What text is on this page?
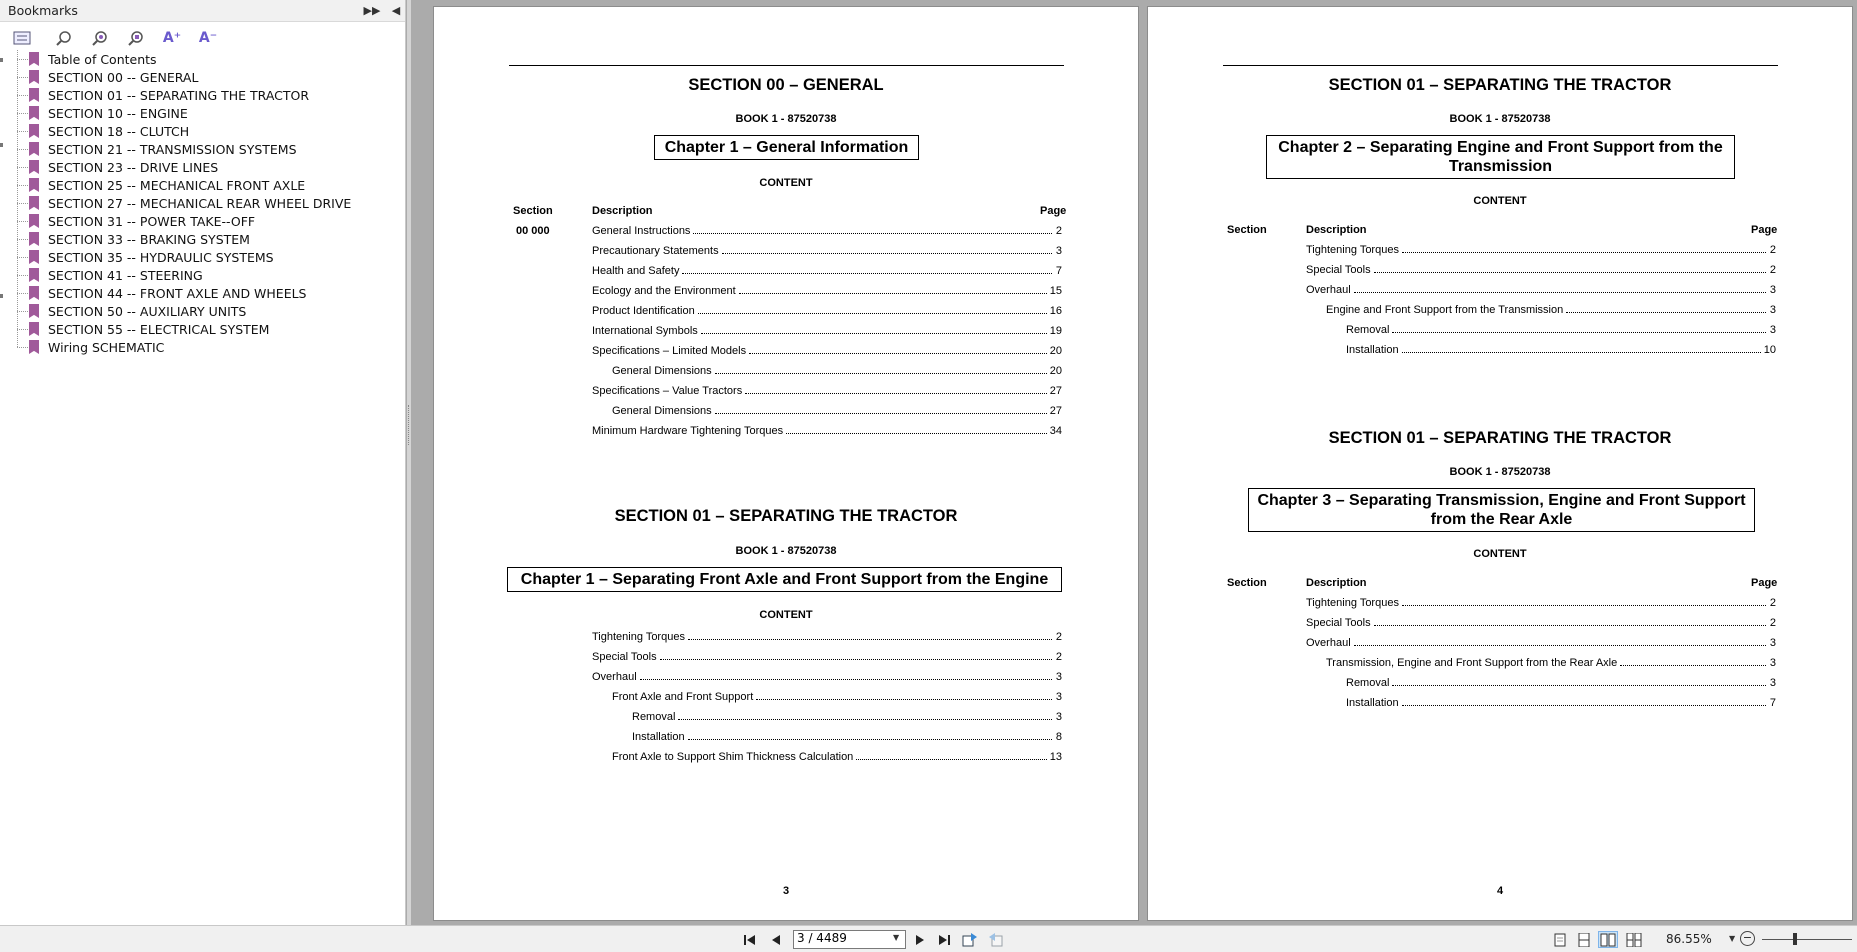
Bookmarks	▶▶	◀
A⁺ A⁻
Table of Contents
SECTION 00 -- GENERAL
SECTION 01 -- SEPARATING THE TRACTOR
SECTION 10 -- ENGINE
SECTION 18 -- CLUTCH
SECTION 21 -- TRANSMISSION SYSTEMS
SECTION 23 -- DRIVE LINES
SECTION 25 -- MECHANICAL FRONT AXLE
SECTION 27 -- MECHANICAL REAR WHEEL DRIVE
SECTION 31 -- POWER TAKE--OFF
SECTION 33 -- BRAKING SYSTEM
SECTION 35 -- HYDRAULIC SYSTEMS
SECTION 41 -- STEERING
SECTION 44 -- FRONT AXLE AND WHEELS
SECTION 50 -- AUXILIARY UNITS
SECTION 55 -- ELECTRICAL SYSTEM
Wiring SCHEMATIC
SECTION 00 – GENERAL
BOOK 1 - 87520738
Chapter 1 – General Information
CONTENT
Section	Description	Page
00 000	General Instructions	2
Precautionary Statements	3
Health and Safety	7
Ecology and the Environment	15
Product Identification	16
International Symbols	19
Specifications – Limited Models	20
General Dimensions	20
Specifications – Value Tractors	27
General Dimensions	27
Minimum Hardware Tightening Torques	34
SECTION 01 – SEPARATING THE TRACTOR
BOOK 1 - 87520738
Chapter 1 – Separating Front Axle and Front Support from the Engine
CONTENT
Tightening Torques	2
Special Tools	2
Overhaul	3
Front Axle and Front Support	3
Removal	3
Installation	8
Front Axle to Support Shim Thickness Calculation	13
3
SECTION 01 – SEPARATING THE TRACTOR
BOOK 1 - 87520738
Chapter 2 – Separating Engine and Front Support from the
Transmission
CONTENT
Section	Description	Page
Tightening Torques	2
Special Tools	2
Overhaul	3
Engine and Front Support from the Transmission	3
Removal	3
Installation	10
SECTION 01 – SEPARATING THE TRACTOR
BOOK 1 - 87520738
Chapter 3 – Separating Transmission, Engine and Front Support
from the Rear Axle
CONTENT
Section	Description	Page
Tightening Torques	2
Special Tools	2
Overhaul	3
Transmission, Engine and Front Support from the Rear Axle	3
Removal	3
Installation	7
4
3 / 4489	▼	86.55% ▼ −
